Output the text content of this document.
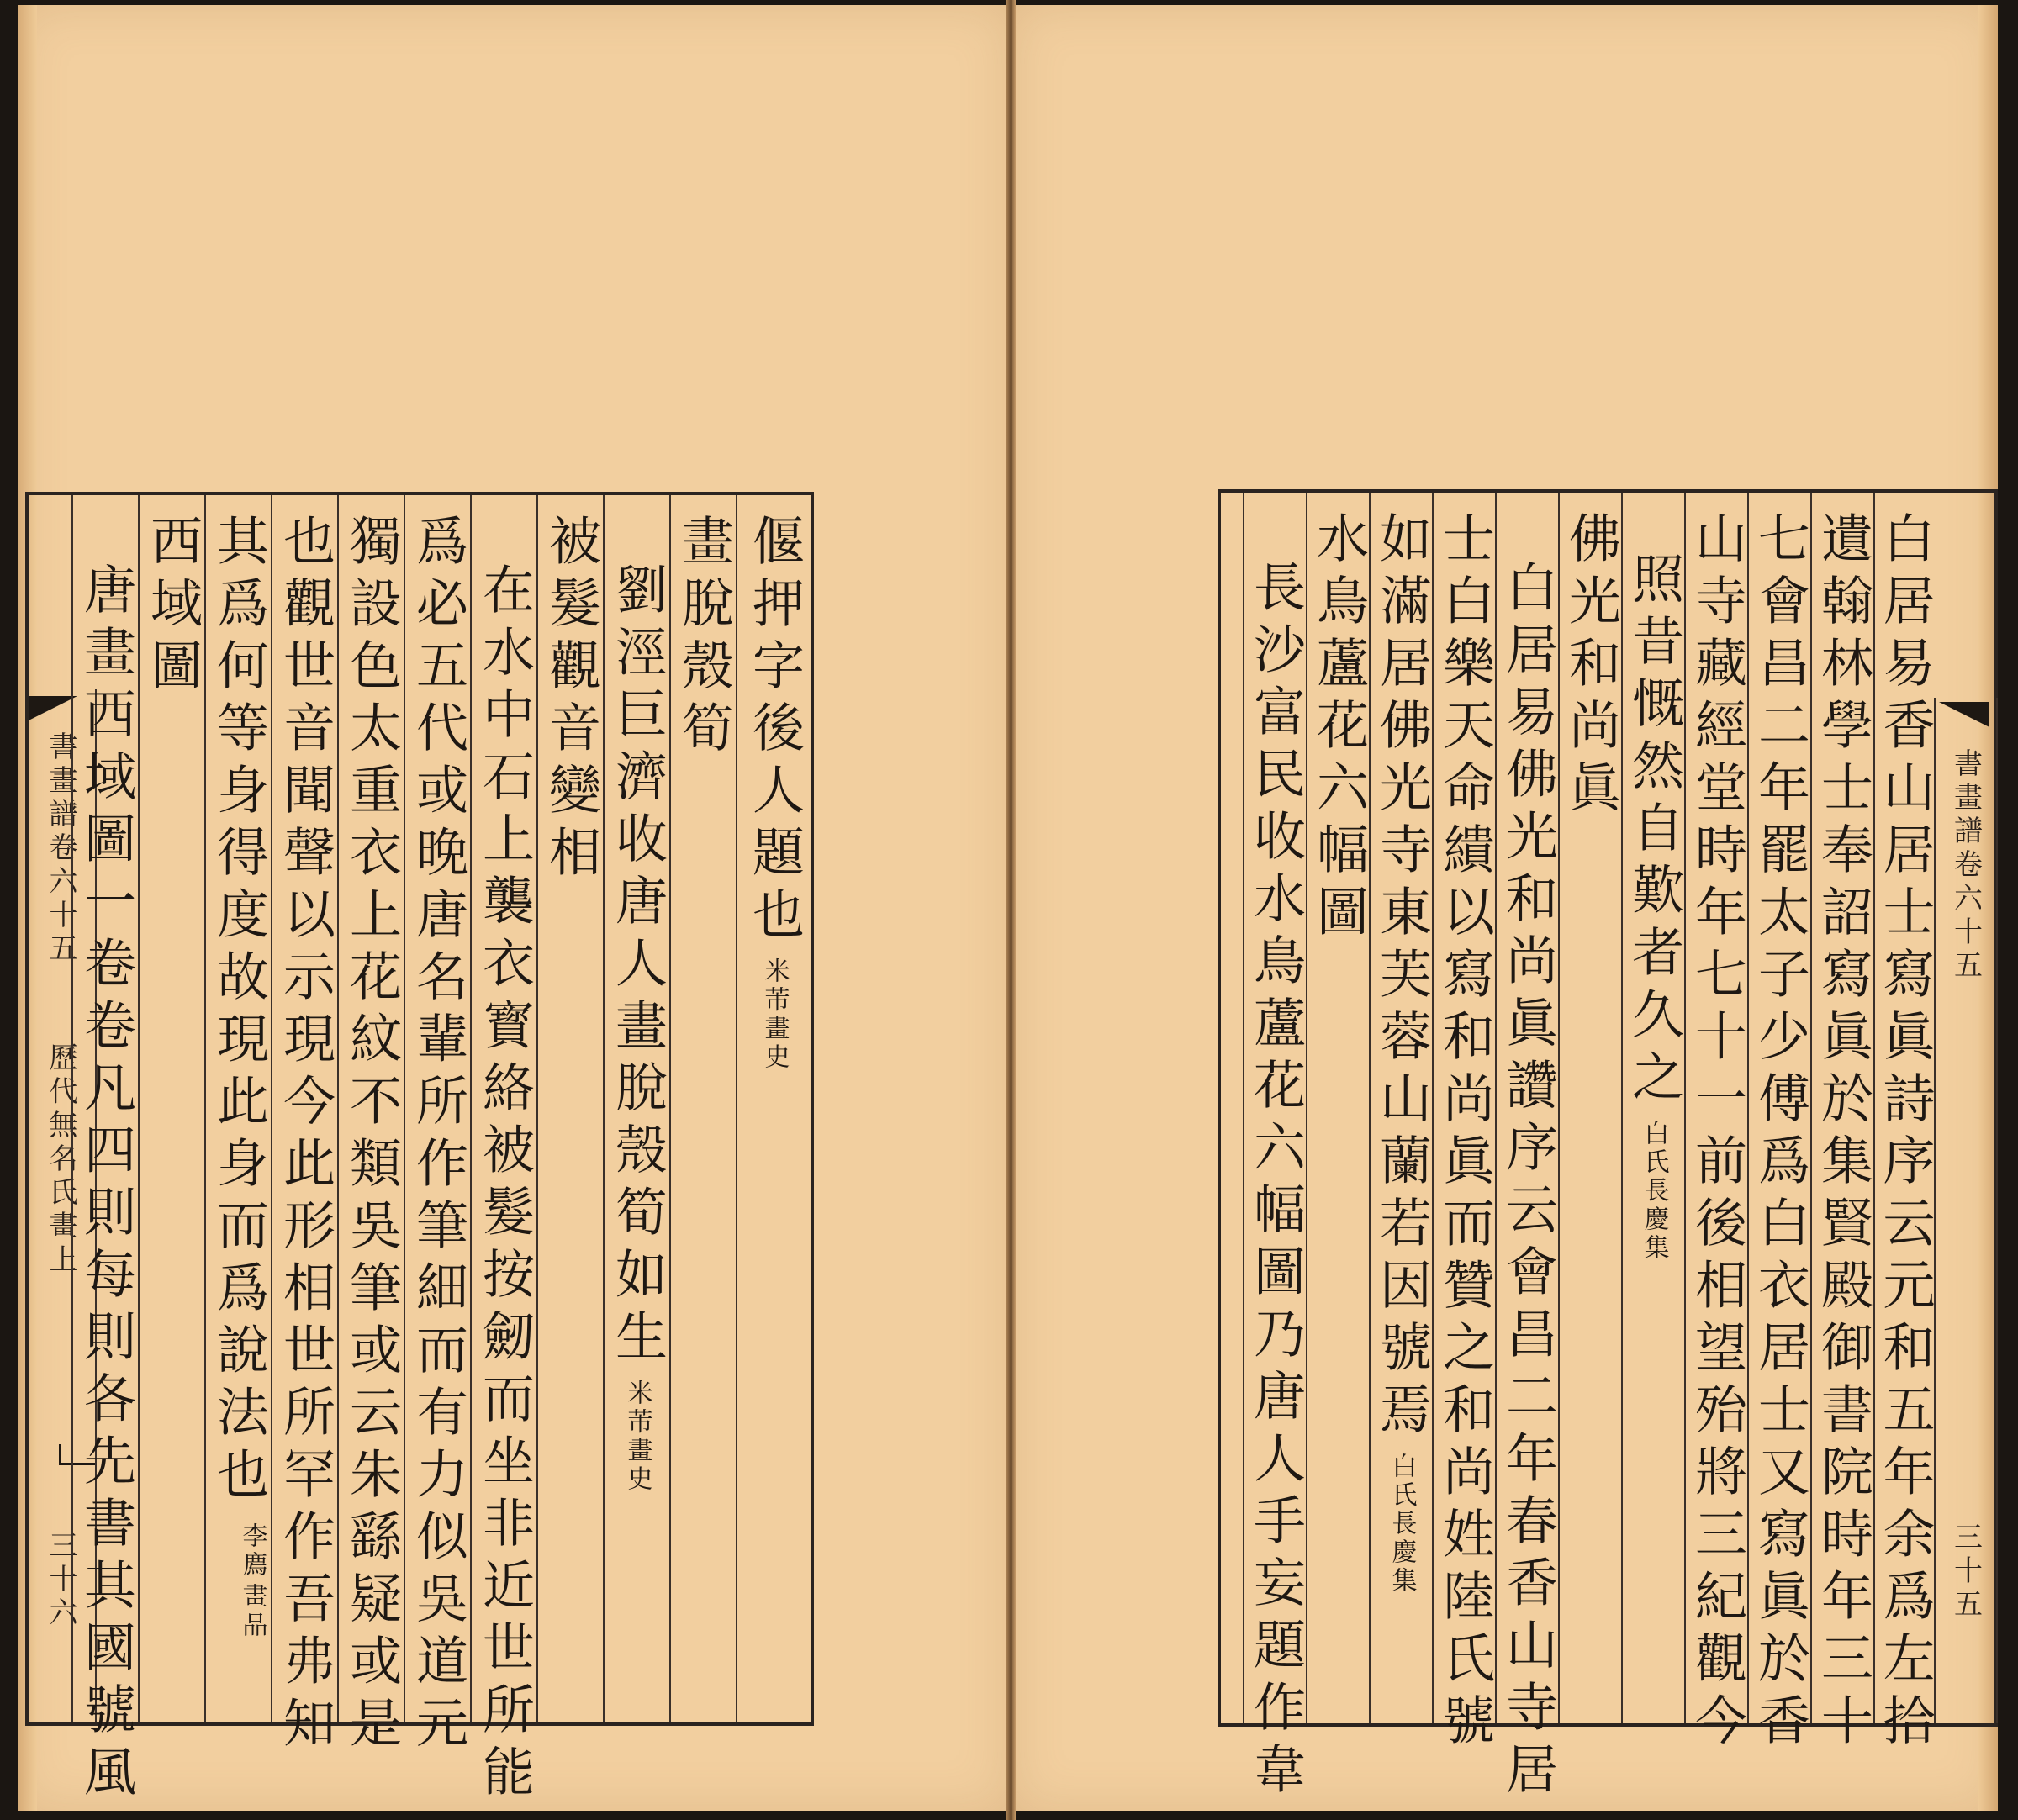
書畫譜卷六十五
歷代無名氏畫上
三十六
偃押字後人題也米芾畫史
畫脫殼筍
劉涇巨濟收唐人畫脫殼筍如生米芾畫史
被髮觀音變相
在水中石上襲衣寳絡被髮按劒而坐非近世所能
爲必五代或晚唐名輩所作筆細而有力似吳道元
獨設色太重衣上花紋不類吳筆或云朱繇疑或是
也觀世音聞聲以示現今此形相世所罕作吾弗知
其爲何等身得度故現此身而爲說法也
李廌
畫品
西域圖
唐畫西域圖一卷卷凡四則每則各先書其國號風	白居易香山居士寫眞詩序云元和五年余爲左拾
遺翰林學士奉詔寫眞於集賢殿御書院時年三十
七會昌二年罷太子少傅爲白衣居士又寫眞於香
山寺藏經堂時年七十一前後相望殆將三紀觀今
照昔慨然自歎者久之白氏長慶集
佛光和尚眞
白居易佛光和尚眞讚序云會昌二年春香山寺居
士白樂天命繢以寫和尚眞而贊之和尚姓陸氏號
如滿居佛光寺東芙蓉山蘭若因號焉白氏長慶集
水鳥蘆花六幅圖
長沙富民收水鳥蘆花六幅圖乃唐人手妄題作韋	書畫譜卷六十五
三十五
